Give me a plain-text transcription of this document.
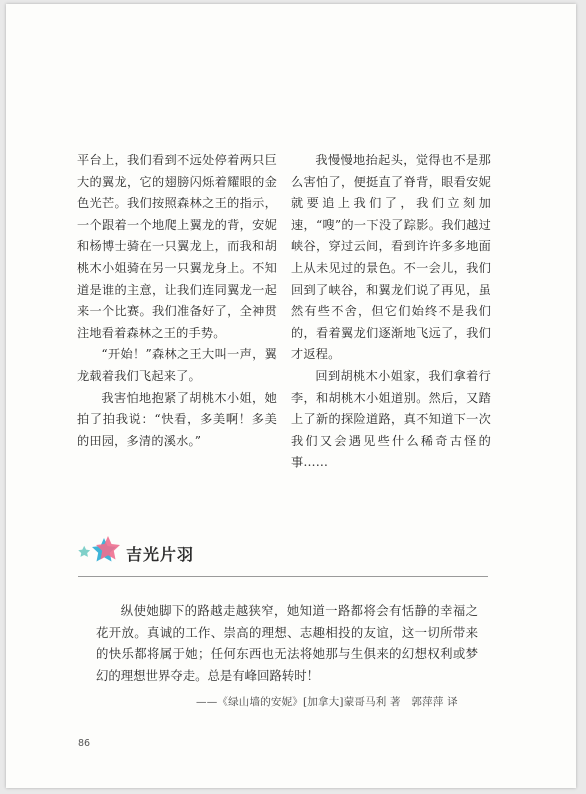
平台上，我们看到不远处停着两只巨大的翼龙，它的翅膀闪烁着耀眼的金色光芒。我们按照森林之王的指示，一个跟着一个地爬上翼龙的背，安妮和杨博士骑在一只翼龙上，而我和胡桃木小姐骑在另一只翼龙身上。不知道是谁的主意，让我们连同翼龙一起来一个比赛。我们准备好了，全神贯注地看着森林之王的手势。

“开始！”森林之王大叫一声，翼龙载着我们飞起来了。

我害怕地抱紧了胡桃木小姐，她拍了拍我说：“快看，多美啊！多美的田园，多清的溪水。”

我慢慢地抬起头，觉得也不是那么害怕了，便挺直了脊背，眼看安妮就要追上我们了，我们立刻加速，“嗖”的一下没了踪影。我们越过峡谷，穿过云间，看到许许多多地面上从未见过的景色。不一会儿，我们回到了峡谷，和翼龙们说了再见，虽然有些不舍，但它们始终不是我们的，看着翼龙们逐渐地飞远了，我们才返程。

回到胡桃木小姐家，我们拿着行李，和胡桃木小姐道别。然后，又踏上了新的探险道路，真不知道下一次我们又会遇见些什么稀奇古怪的事……

吉光片羽

纵使她脚下的路越走越狭窄，她知道一路都将会有恬静的幸福之花开放。真诚的工作、崇高的理想、志趣相投的友谊，这一切所带来的快乐都将属于她；任何东西也无法将她那与生俱来的幻想权利或梦幻的理想世界夺走。总是有峰回路转时！

——《绿山墙的安妮》[加拿大]蒙哥马利 著　郭萍萍 译
86
